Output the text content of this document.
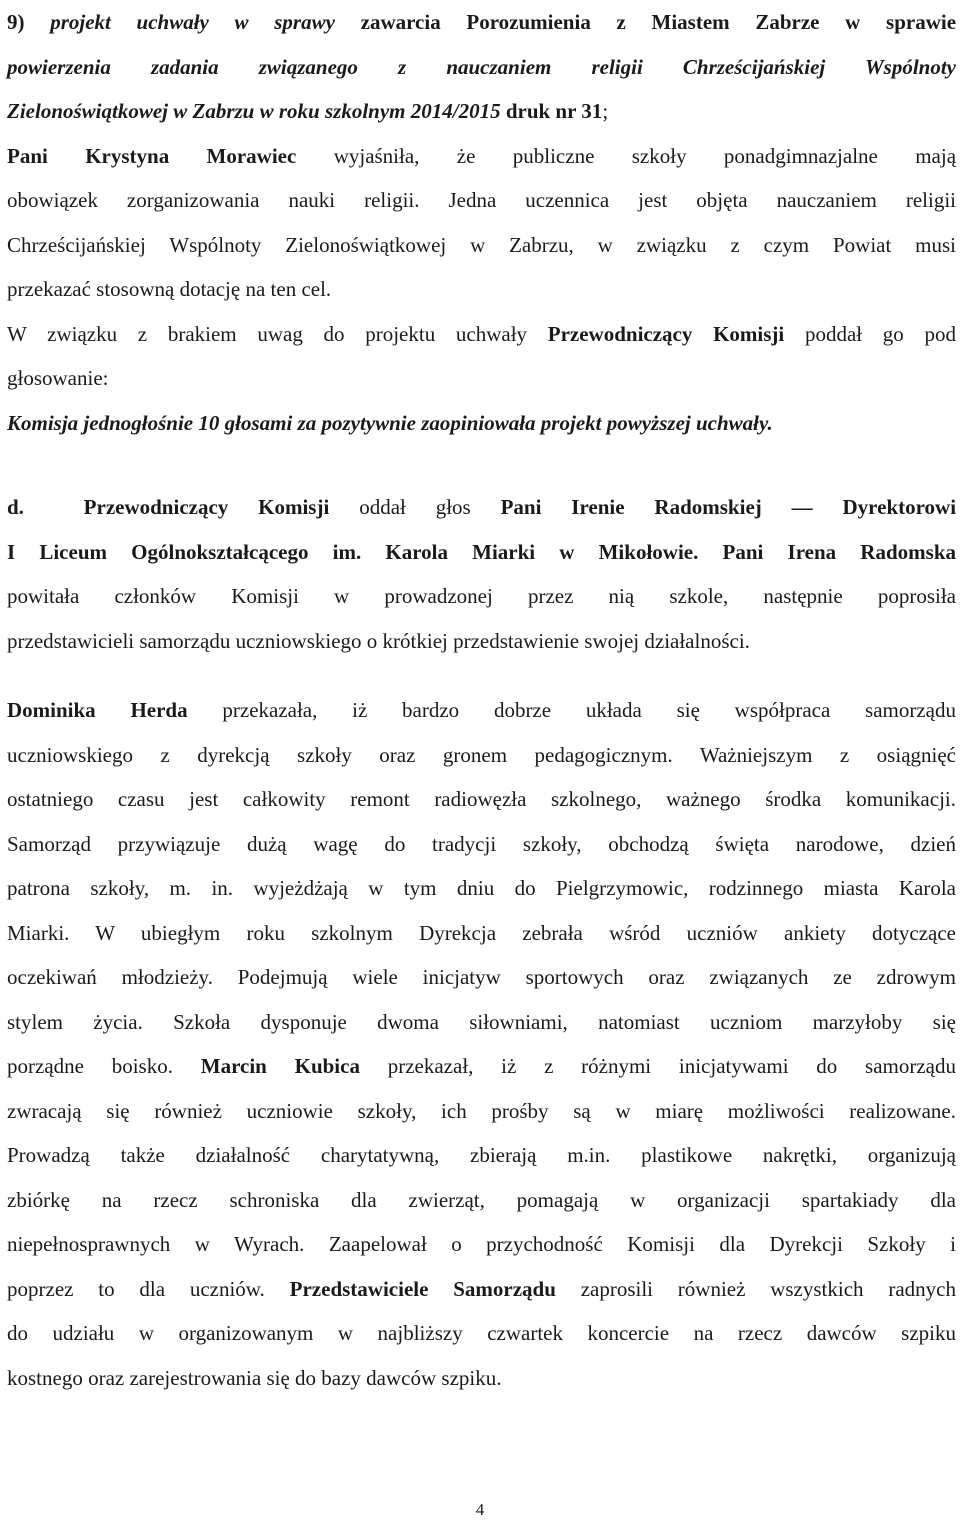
9) projekt uchwały w sprawy zawarcia Porozumienia z Miastem Zabrze w sprawie
powierzenia zadania związanego z nauczaniem religii Chrześcijańskiej Wspólnoty
Zielonoświątkowej w Zabrzu w roku szkolnym 2014/2015 druk nr 31;
Pani Krystyna Morawiec wyjaśniła, że publiczne szkoły ponadgimnazjalne mają
obowiązek zorganizowania nauki religii. Jedna uczennica jest objęta nauczaniem religii
Chrześcijańskiej Wspólnoty Zielonoświątkowej w Zabrzu, w związku z czym Powiat musi
przekazać stosowną dotację na ten cel.
W związku z brakiem uwag do projektu uchwały Przewodniczący Komisji poddał go pod
głosowanie:
Komisja jednogłośnie 10 głosami za pozytywnie zaopiniowała projekt powyższej uchwały.
d.	Przewodniczący Komisji oddał głos Pani Irenie Radomskiej — Dyrektorowi
I Liceum Ogólnokształcącego im. Karola Miarki w Mikołowie. Pani Irena Radomska
powitała członków Komisji w prowadzonej przez nią szkole, następnie poprosiła
przedstawicieli samorządu uczniowskiego o krótkiej przedstawienie swojej działalności.
Dominika Herda przekazała, iż bardzo dobrze układa się współpraca samorządu
uczniowskiego z dyrekcją szkoły oraz gronem pedagogicznym. Ważniejszym z osiągnięć
ostatniego czasu jest całkowity remont radiowęzła szkolnego, ważnego środka komunikacji.
Samorząd przywiązuje dużą wagę do tradycji szkoły, obchodzą święta narodowe, dzień
patrona szkoły, m. in. wyjeżdżają w tym dniu do Pielgrzymowic, rodzinnego miasta Karola
Miarki. W ubiegłym roku szkolnym Dyrekcja zebrała wśród uczniów ankiety dotyczące
oczekiwań młodzieży. Podejmują wiele inicjatyw sportowych oraz związanych ze zdrowym
stylem życia. Szkoła dysponuje dwoma siłowniami, natomiast uczniom marzyłoby się
porządne boisko. Marcin Kubica przekazał, iż z różnymi inicjatywami do samorządu
zwracają się również uczniowie szkoły, ich prośby są w miarę możliwości realizowane.
Prowadzą także działalność charytatywną, zbierają m.in. plastikowe nakrętki, organizują
zbiórkę na rzecz schroniska dla zwierząt, pomagają w organizacji spartakiady dla
niepełnosprawnych w Wyrach. Zaapelował o przychodność Komisji dla Dyrekcji Szkoły i
poprzez to dla uczniów. Przedstawiciele Samorządu zaprosili również wszystkich radnych
do udziału w organizowanym w najbliższy czwartek koncercie na rzecz dawców szpiku
kostnego oraz zarejestrowania się do bazy dawców szpiku.
4
